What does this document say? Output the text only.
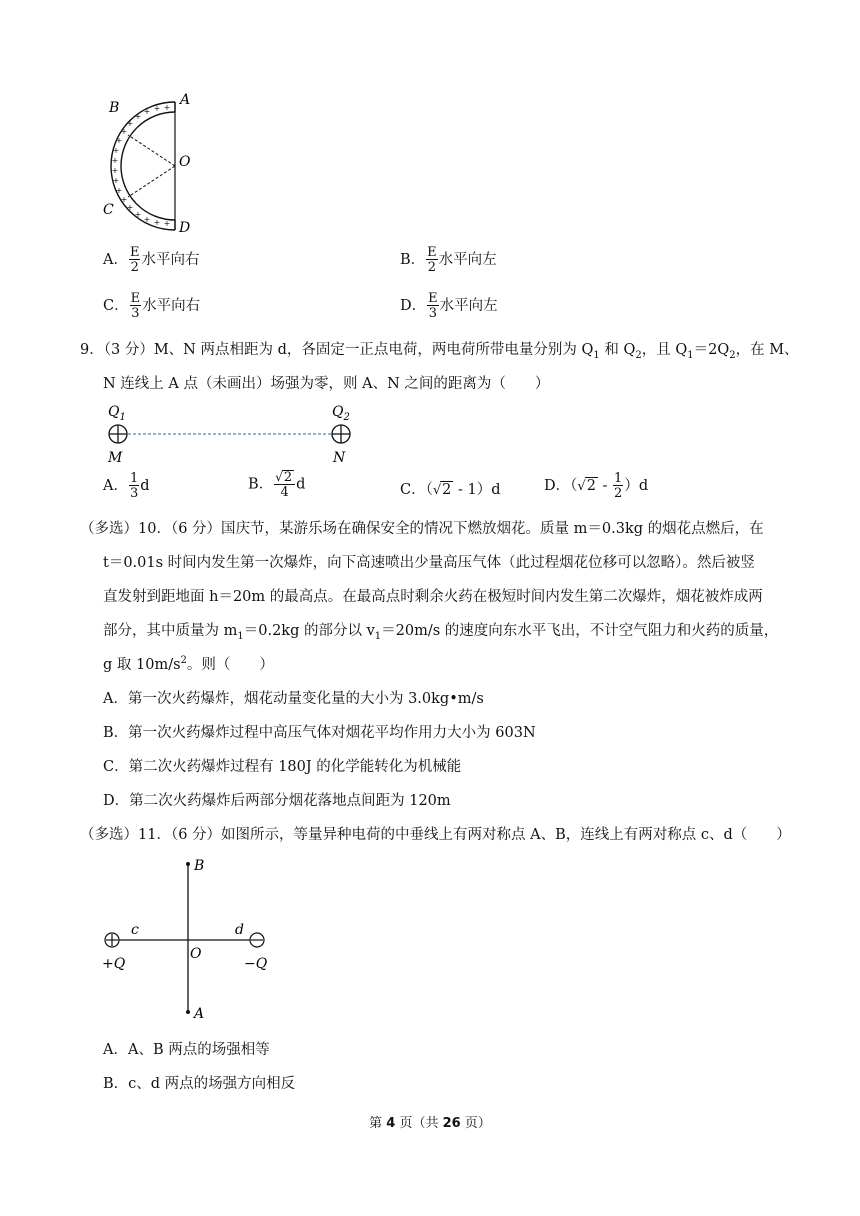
+
+
+
+
+
+
+
+
+
+
+
+
+
+
+
+ + +
B	A
O
C
D
A． $\frac{E}{2}$ 水平向右	B． $\frac{E}{2}$ 水平向左
C． $\frac{E}{3}$ 水平向右	D． $\frac{E}{3}$ 水平向左
9．（3 分）M、N 两点相距为 d，各固定一正点电荷，两电荷所带电量分别为 $Q_1$ 和 $Q_2$，且 $Q_1=2Q_2$，在 M、
N 连线上 A 点（未画出）场强为零，则 A、N 之间的距离为（　　）
$Q_1$	$Q_2$
M	N
A． $\frac{1}{3}$ d	B． $\frac{√2}{4}$ d	C．（√2 - 1）d	D．$(√2 - \frac{1}{2} )d$
（多选）10．（6 分）国庆节，某游乐场在确保安全的情况下燃放烟花。质量 m＝0.3kg 的烟花点燃后，在
t＝0.01s 时间内发生第一次爆炸，向下高速喷出少量高压气体（此过程烟花位移可以忽略）。然后被竖
直发射到距地面 h＝20m 的最高点。在最高点时剩余火药在极短时间内发生第二次爆炸，烟花被炸成两
部分，其中质量为 $m_1=0.2kg$ 的部分以 $v_1=20m/s$ 的速度向东水平飞出，不计空气阻力和火药的质量，
g 取 $10m/s^2$。则（　　）
A．第一次火药爆炸，烟花动量变化量的大小为 3.0kg•m/s
B．第一次火药爆炸过程中高压气体对烟花平均作用力大小为 603N
C．第二次火药爆炸过程有 180J 的化学能转化为机械能
D．第二次火药爆炸后两部分烟花落地点间距为 120m
（多选）11．（6 分）如图所示，等量异种电荷的中垂线上有两对称点 A、B，连线上有两对称点 c、d（　　）
B
A
O
c	d
+Q	−Q
A．A、B 两点的场强相等
B．c、d 两点的场强方向相反
第 4 页（共 26 页）
